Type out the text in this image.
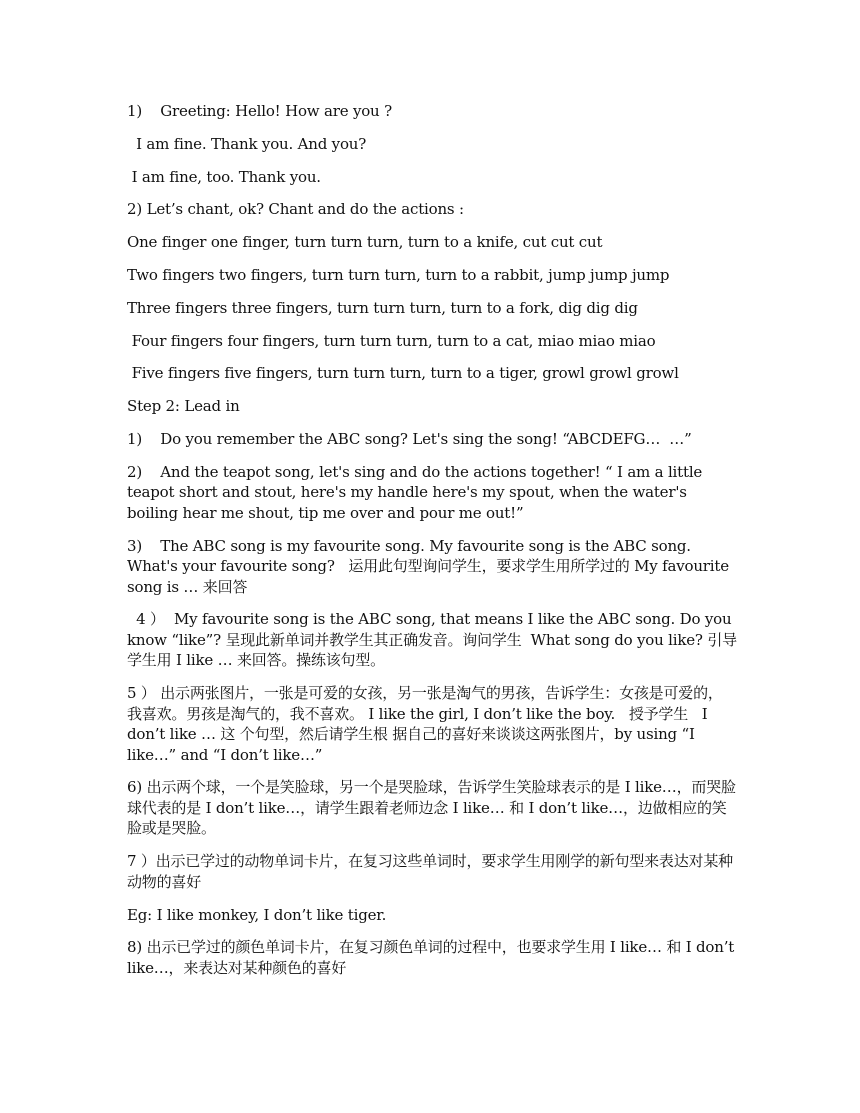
1)    Greeting: Hello! How are you ?

I am fine. Thank you. And you?

I am fine, too. Thank you.

2) Let’s chant, ok? Chant and do the actions :

One finger one finger, turn turn turn, turn to a knife, cut cut cut

Two fingers two fingers, turn turn turn, turn to a rabbit, jump jump jump

Three fingers three fingers, turn turn turn, turn to a fork, dig dig dig

Four fingers four fingers, turn turn turn, turn to a cat, miao miao miao

Five fingers five fingers, turn turn turn, turn to a tiger, growl growl growl

Step 2: Lead in

1)    Do you remember the ABC song? Let's sing the song! “ABCDEFG…  …”

2)    And the teapot song, let's sing and do the actions together! “ I am a little teapot short and stout, here's my handle here's my spout, when the water's boiling hear me shout, tip me over and pour me out!”

3)    The ABC song is my favourite song. My favourite song is the ABC song. What's your favourite song?   运用此句型询问学生，要求学生用所学过的 My favourite song is … 来回答

4 ）  My favourite song is the ABC song, that means I like the ABC song. Do you know “like”? 呈现此新单词并教学生其正确发音。询问学生  What song do you like? 引导学生用 I like … 来回答。操练该句型。

5 ） 出示两张图片，一张是可爱的女孩，另一张是淘气的男孩，告诉学生：女孩是可爱的，我喜欢。男孩是淘气的，我不喜欢。 I like the girl, I don’t like the boy.   授予学生   I don’t like … 这 个句型，然后请学生根 据自己的喜好来谈谈这两张图片，by using “I like…” and “I don’t like…”

6) 出示两个球，一个是笑脸球，另一个是哭脸球，告诉学生笑脸球表示的是 I like…，而哭脸球代表的是 I don’t like…，请学生跟着老师边念 I like… 和 I don’t like…，边做相应的笑脸或是哭脸。

7 ）出示已学过的动物单词卡片，在复习这些单词时，要求学生用刚学的新句型来表达对某种动物的喜好

Eg: I like monkey, I don’t like tiger.

8) 出示已学过的颜色单词卡片，在复习颜色单词的过程中，也要求学生用 I like… 和 I don’t like…，来表达对某种颜色的喜好
